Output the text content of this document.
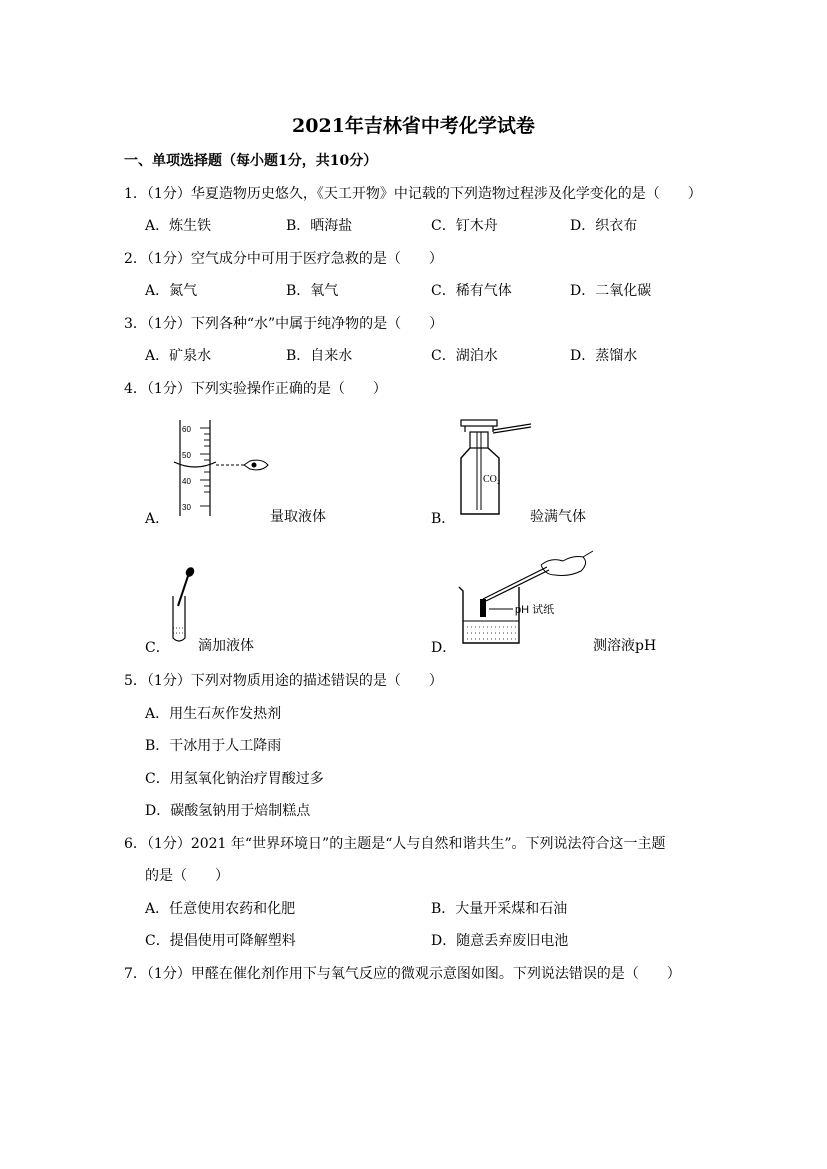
2021年吉林省中考化学试卷
一、单项选择题（每小题1分，共10分）
1．（1分）华夏造物历史悠久，《天工开物》中记载的下列造物过程涉及化学变化的是（　　）
A．炼生铁	B．晒海盐	C．钉木舟	D．织衣布
2．（1分）空气成分中可用于医疗急救的是（　　）
A．氮气	B．氧气	C．稀有气体	D．二氧化碳
3．（1分）下列各种“水”中属于纯净物的是（　　）
A．矿泉水	B．自来水	C．湖泊水	D．蒸馏水
4．（1分）下列实验操作正确的是（　　）
60
50
40
30
A．	量取液体
CO₂
B．	验满气体
C． 滴加液体
pH 试纸
D．	测溶液pH
5．（1分）下列对物质用途的描述错误的是（　　）
A．用生石灰作发热剂
B．干冰用于人工降雨
C．用氢氧化钠治疗胃酸过多
D．碳酸氢钠用于焙制糕点
6．（1分）2021 年“世界环境日”的主题是“人与自然和谐共生”。下列说法符合这一主题
的是（　　）
A．任意使用农药和化肥	B．大量开采煤和石油
C．提倡使用可降解塑料	D．随意丢弃废旧电池
7．（1分）甲醛在催化剂作用下与氧气反应的微观示意图如图。下列说法错误的是（　　）
